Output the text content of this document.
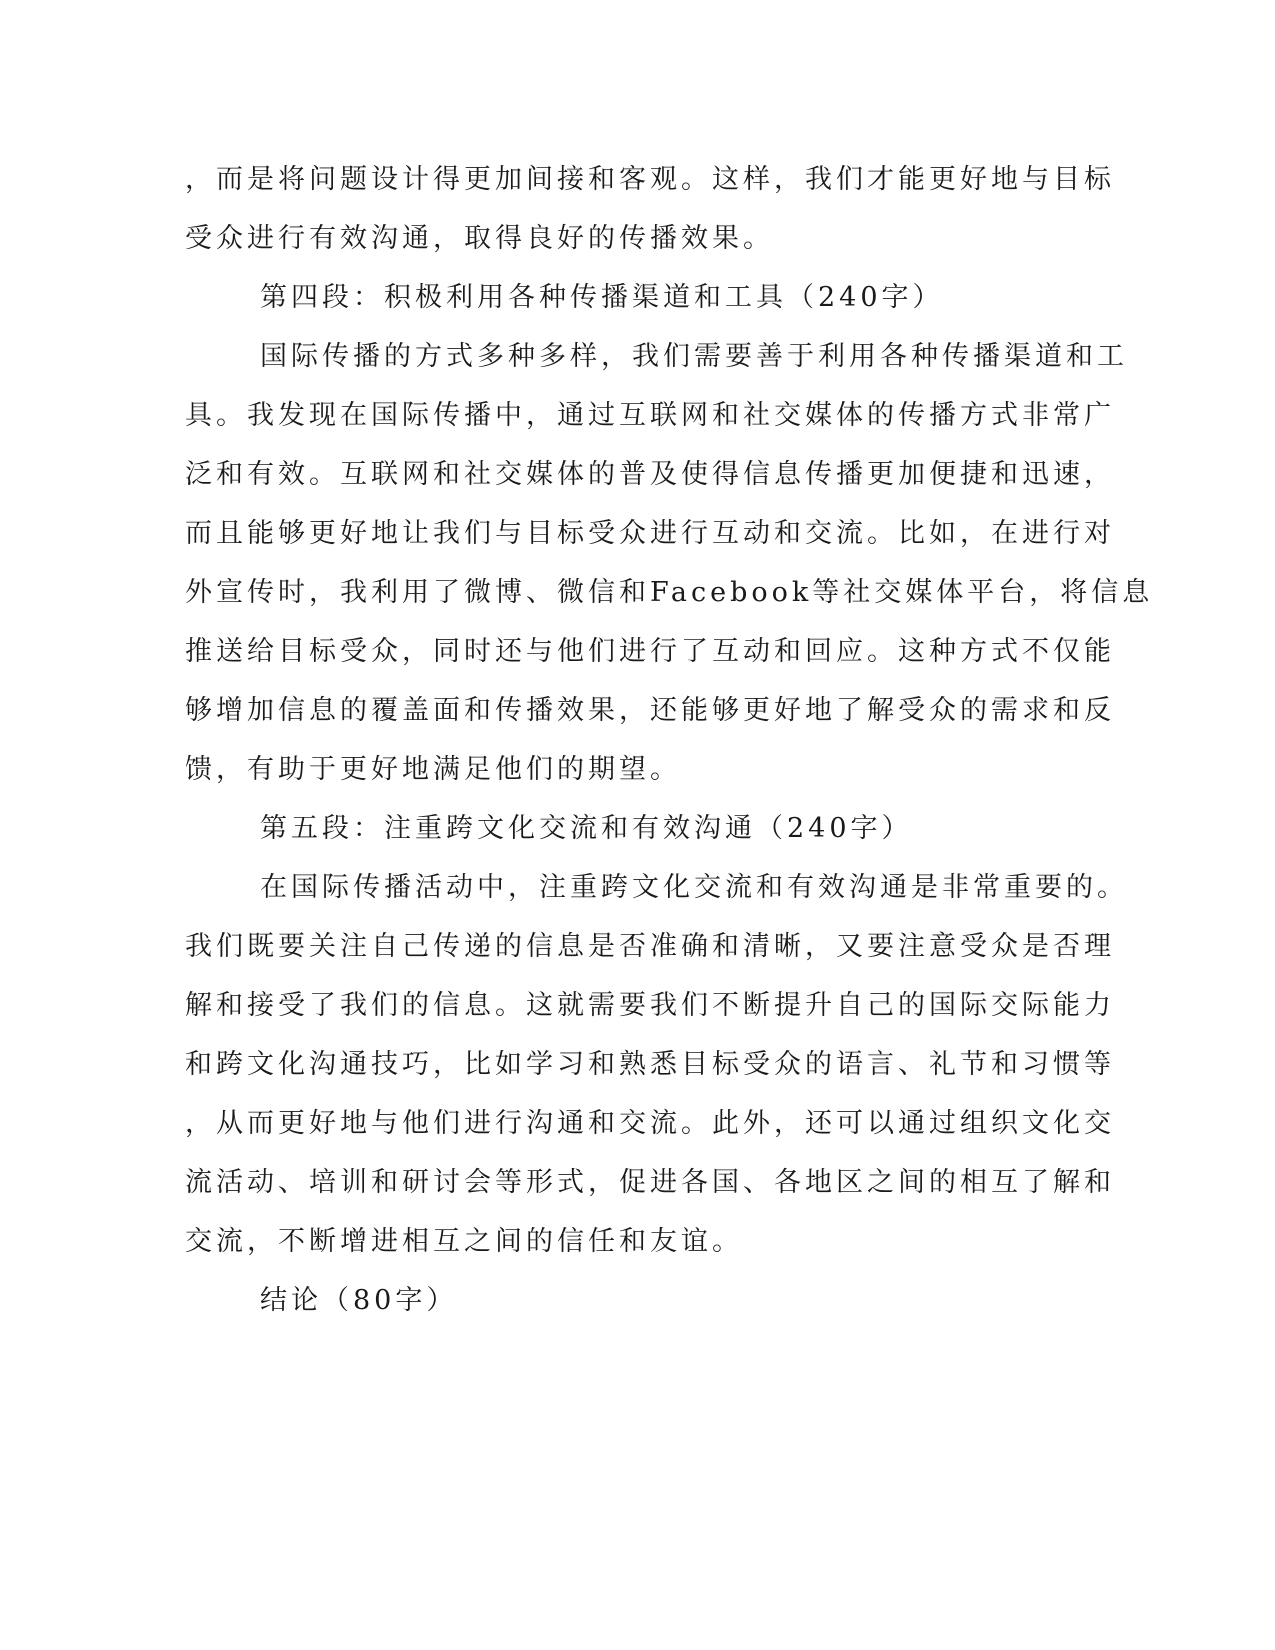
，而是将问题设计得更加间接和客观。这样，我们才能更好地与目标
受众进行有效沟通，取得良好的传播效果。
第四段：积极利用各种传播渠道和工具（240字）
国际传播的方式多种多样，我们需要善于利用各种传播渠道和工
具。我发现在国际传播中，通过互联网和社交媒体的传播方式非常广
泛和有效。互联网和社交媒体的普及使得信息传播更加便捷和迅速，
而且能够更好地让我们与目标受众进行互动和交流。比如，在进行对
外宣传时，我利用了微博、微信和Facebook等社交媒体平台，将信息
推送给目标受众，同时还与他们进行了互动和回应。这种方式不仅能
够增加信息的覆盖面和传播效果，还能够更好地了解受众的需求和反
馈，有助于更好地满足他们的期望。
第五段：注重跨文化交流和有效沟通（240字）
在国际传播活动中，注重跨文化交流和有效沟通是非常重要的。
我们既要关注自己传递的信息是否准确和清晰，又要注意受众是否理
解和接受了我们的信息。这就需要我们不断提升自己的国际交际能力
和跨文化沟通技巧，比如学习和熟悉目标受众的语言、礼节和习惯等
，从而更好地与他们进行沟通和交流。此外，还可以通过组织文化交
流活动、培训和研讨会等形式，促进各国、各地区之间的相互了解和
交流，不断增进相互之间的信任和友谊。
结论（80字）
